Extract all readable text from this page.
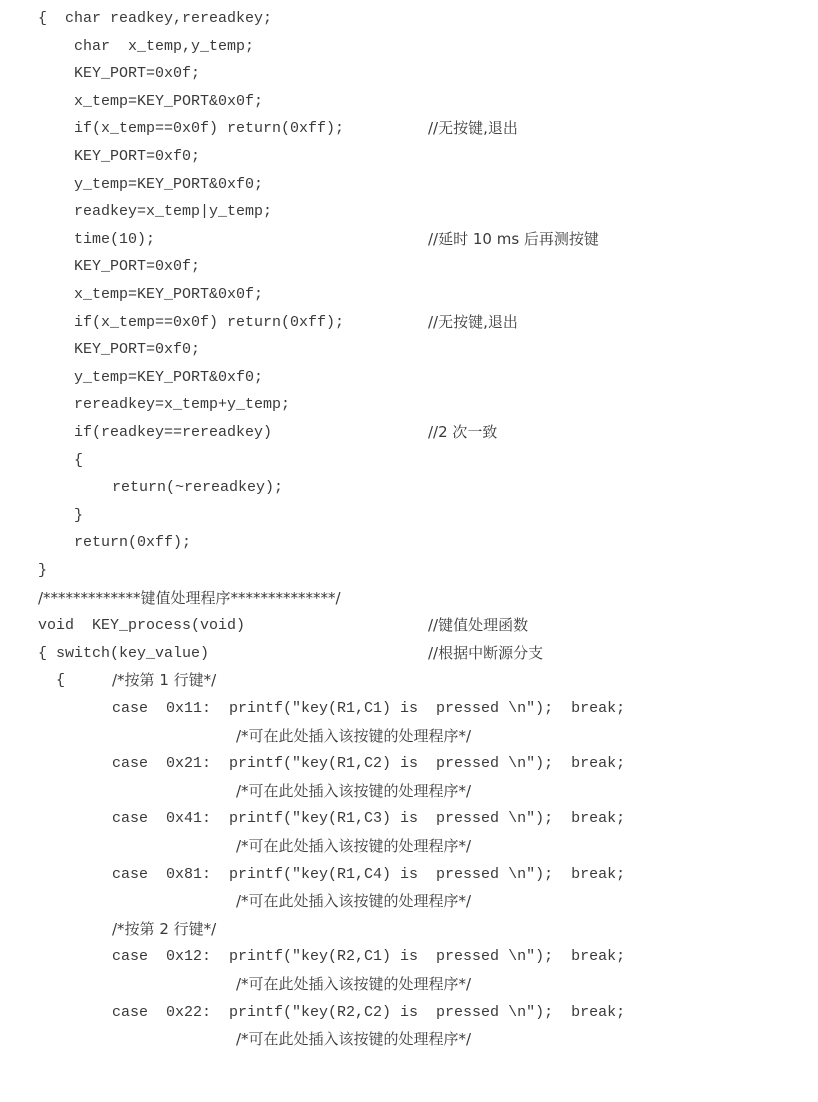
{  char readkey,rereadkey;
char  x_temp,y_temp;
KEY_PORT=0x0f;
x_temp=KEY_PORT&0x0f;
if(x_temp==0x0f) return(0xff);	//无按键,退出
KEY_PORT=0xf0;
y_temp=KEY_PORT&0xf0;
readkey=x_temp|y_temp;
time(10);	//延时 10 ms 后再测按键
KEY_PORT=0x0f;
x_temp=KEY_PORT&0x0f;
if(x_temp==0x0f) return(0xff);	//无按键,退出
KEY_PORT=0xf0;
y_temp=KEY_PORT&0xf0;
rereadkey=x_temp+y_temp;
if(readkey==rereadkey)	//2 次一致
{
return(~rereadkey);
}
return(0xff);
}
/*************键值处理程序**************/
void  KEY_process(void)	//键值处理函数
{ switch(key_value)	//根据中断源分支
{	/*按第 1 行键*/
case  0x11:  printf("key(R1,C1) is  pressed \n");  break;
/*可在此处插入该按键的处理程序*/
case  0x21:  printf("key(R1,C2) is  pressed \n");  break;
/*可在此处插入该按键的处理程序*/
case  0x41:  printf("key(R1,C3) is  pressed \n");  break;
/*可在此处插入该按键的处理程序*/
case  0x81:  printf("key(R1,C4) is  pressed \n");  break;
/*可在此处插入该按键的处理程序*/
/*按第 2 行键*/
case  0x12:  printf("key(R2,C1) is  pressed \n");  break;
/*可在此处插入该按键的处理程序*/
case  0x22:  printf("key(R2,C2) is  pressed \n");  break;
/*可在此处插入该按键的处理程序*/
